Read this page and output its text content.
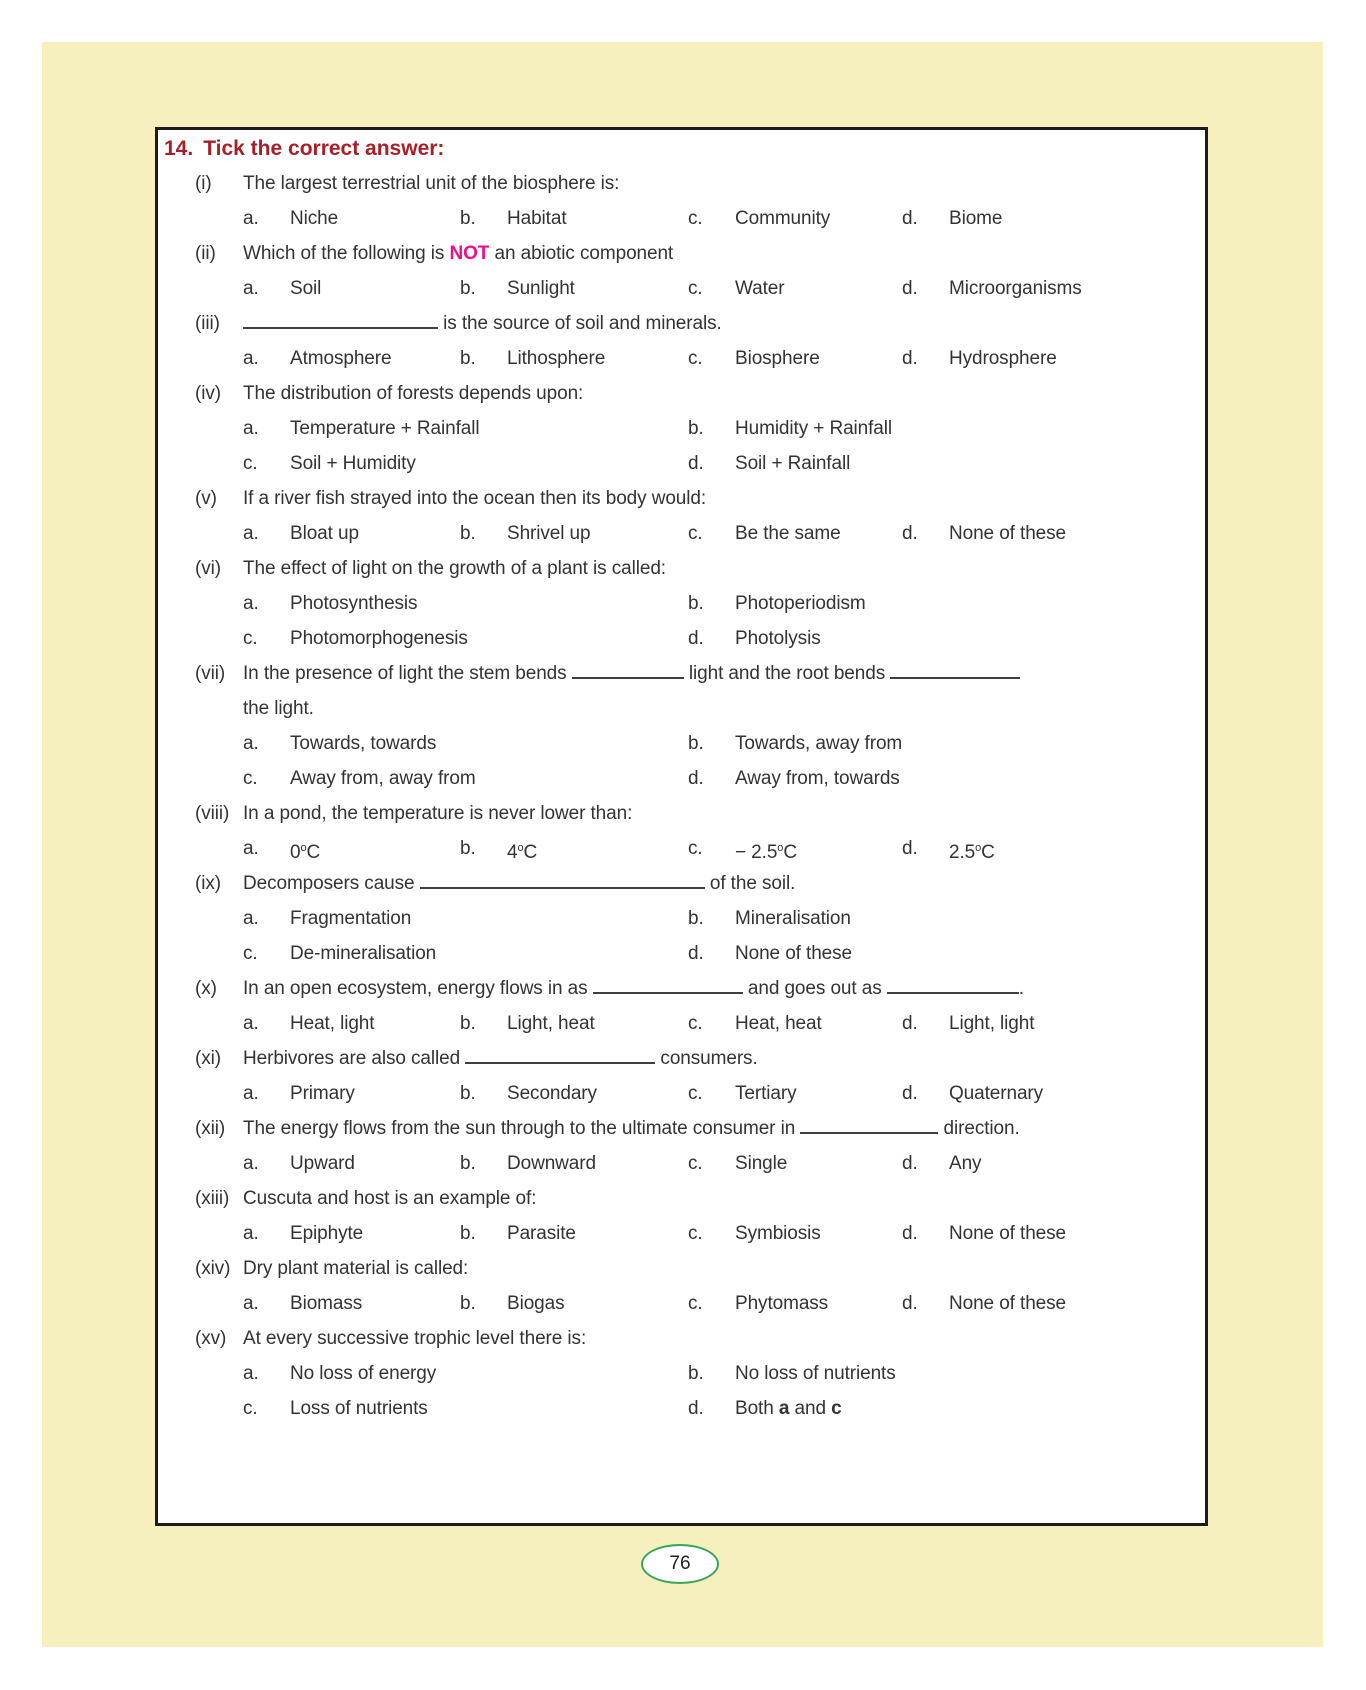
14. Tick the correct answer:
(i)	The largest terrestrial unit of the biosphere is:
a.	Niche	b.	Habitat	c.	Community	d.	Biome
(ii)	Which of the following is NOT an abiotic component
a.	Soil	b.	Sunlight	c.	Water	d.	Microorganisms
(iii)	is the source of soil and minerals.
a.	Atmosphere	b.	Lithosphere	c.	Biosphere	d.	Hydrosphere
(iv)	The distribution of forests depends upon:
a.	Temperature + Rainfall	b.	Humidity + Rainfall
c.	Soil + Humidity	d.	Soil + Rainfall
(v)	If a river fish strayed into the ocean then its body would:
a.	Bloat up	b.	Shrivel up	c.	Be the same	d.	None of these
(vi)	The effect of light on the growth of a plant is called:
a.	Photosynthesis	b.	Photoperiodism
c.	Photomorphogenesis	d.	Photolysis
(vii) In the presence of light the stem bends	light and the root bends
the light.
a.	Towards, towards	b.	Towards, away from
c.	Away from, away from	d.	Away from, towards
(viii) In a pond, the temperature is never lower than:
a.	0$^o$C	b.	4$^o$C	c.	− $2.5^oC$	d.	2.5$^o$C
(ix)	Decomposers cause	of the soil.
a.	Fragmentation	b.	Mineralisation
c.	De-mineralisation	d.	None of these
(x)	In an open ecosystem, energy flows in as	and goes out as	.
a.	Heat, light	b.	Light, heat	c.	Heat, heat	d.	Light, light
(xi)	Herbivores are also called	consumers.
a.	Primary	b.	Secondary	c.	Tertiary	d.	Quaternary
(xii) The energy flows from the sun through to the ultimate consumer in	direction.
a.	Upward	b.	Downward	c.	Single	d.	Any
(xiii) Cuscuta and host is an example of:
a.	Epiphyte	b.	Parasite	c.	Symbiosis	d.	None of these
(xiv) Dry plant material is called:
a.	Biomass	b.	Biogas	c.	Phytomass	d.	None of these
(xv) At every successive trophic level there is:
a.	No loss of energy	b.	No loss of nutrients
c.	Loss of nutrients	d.	Both a and c
76
